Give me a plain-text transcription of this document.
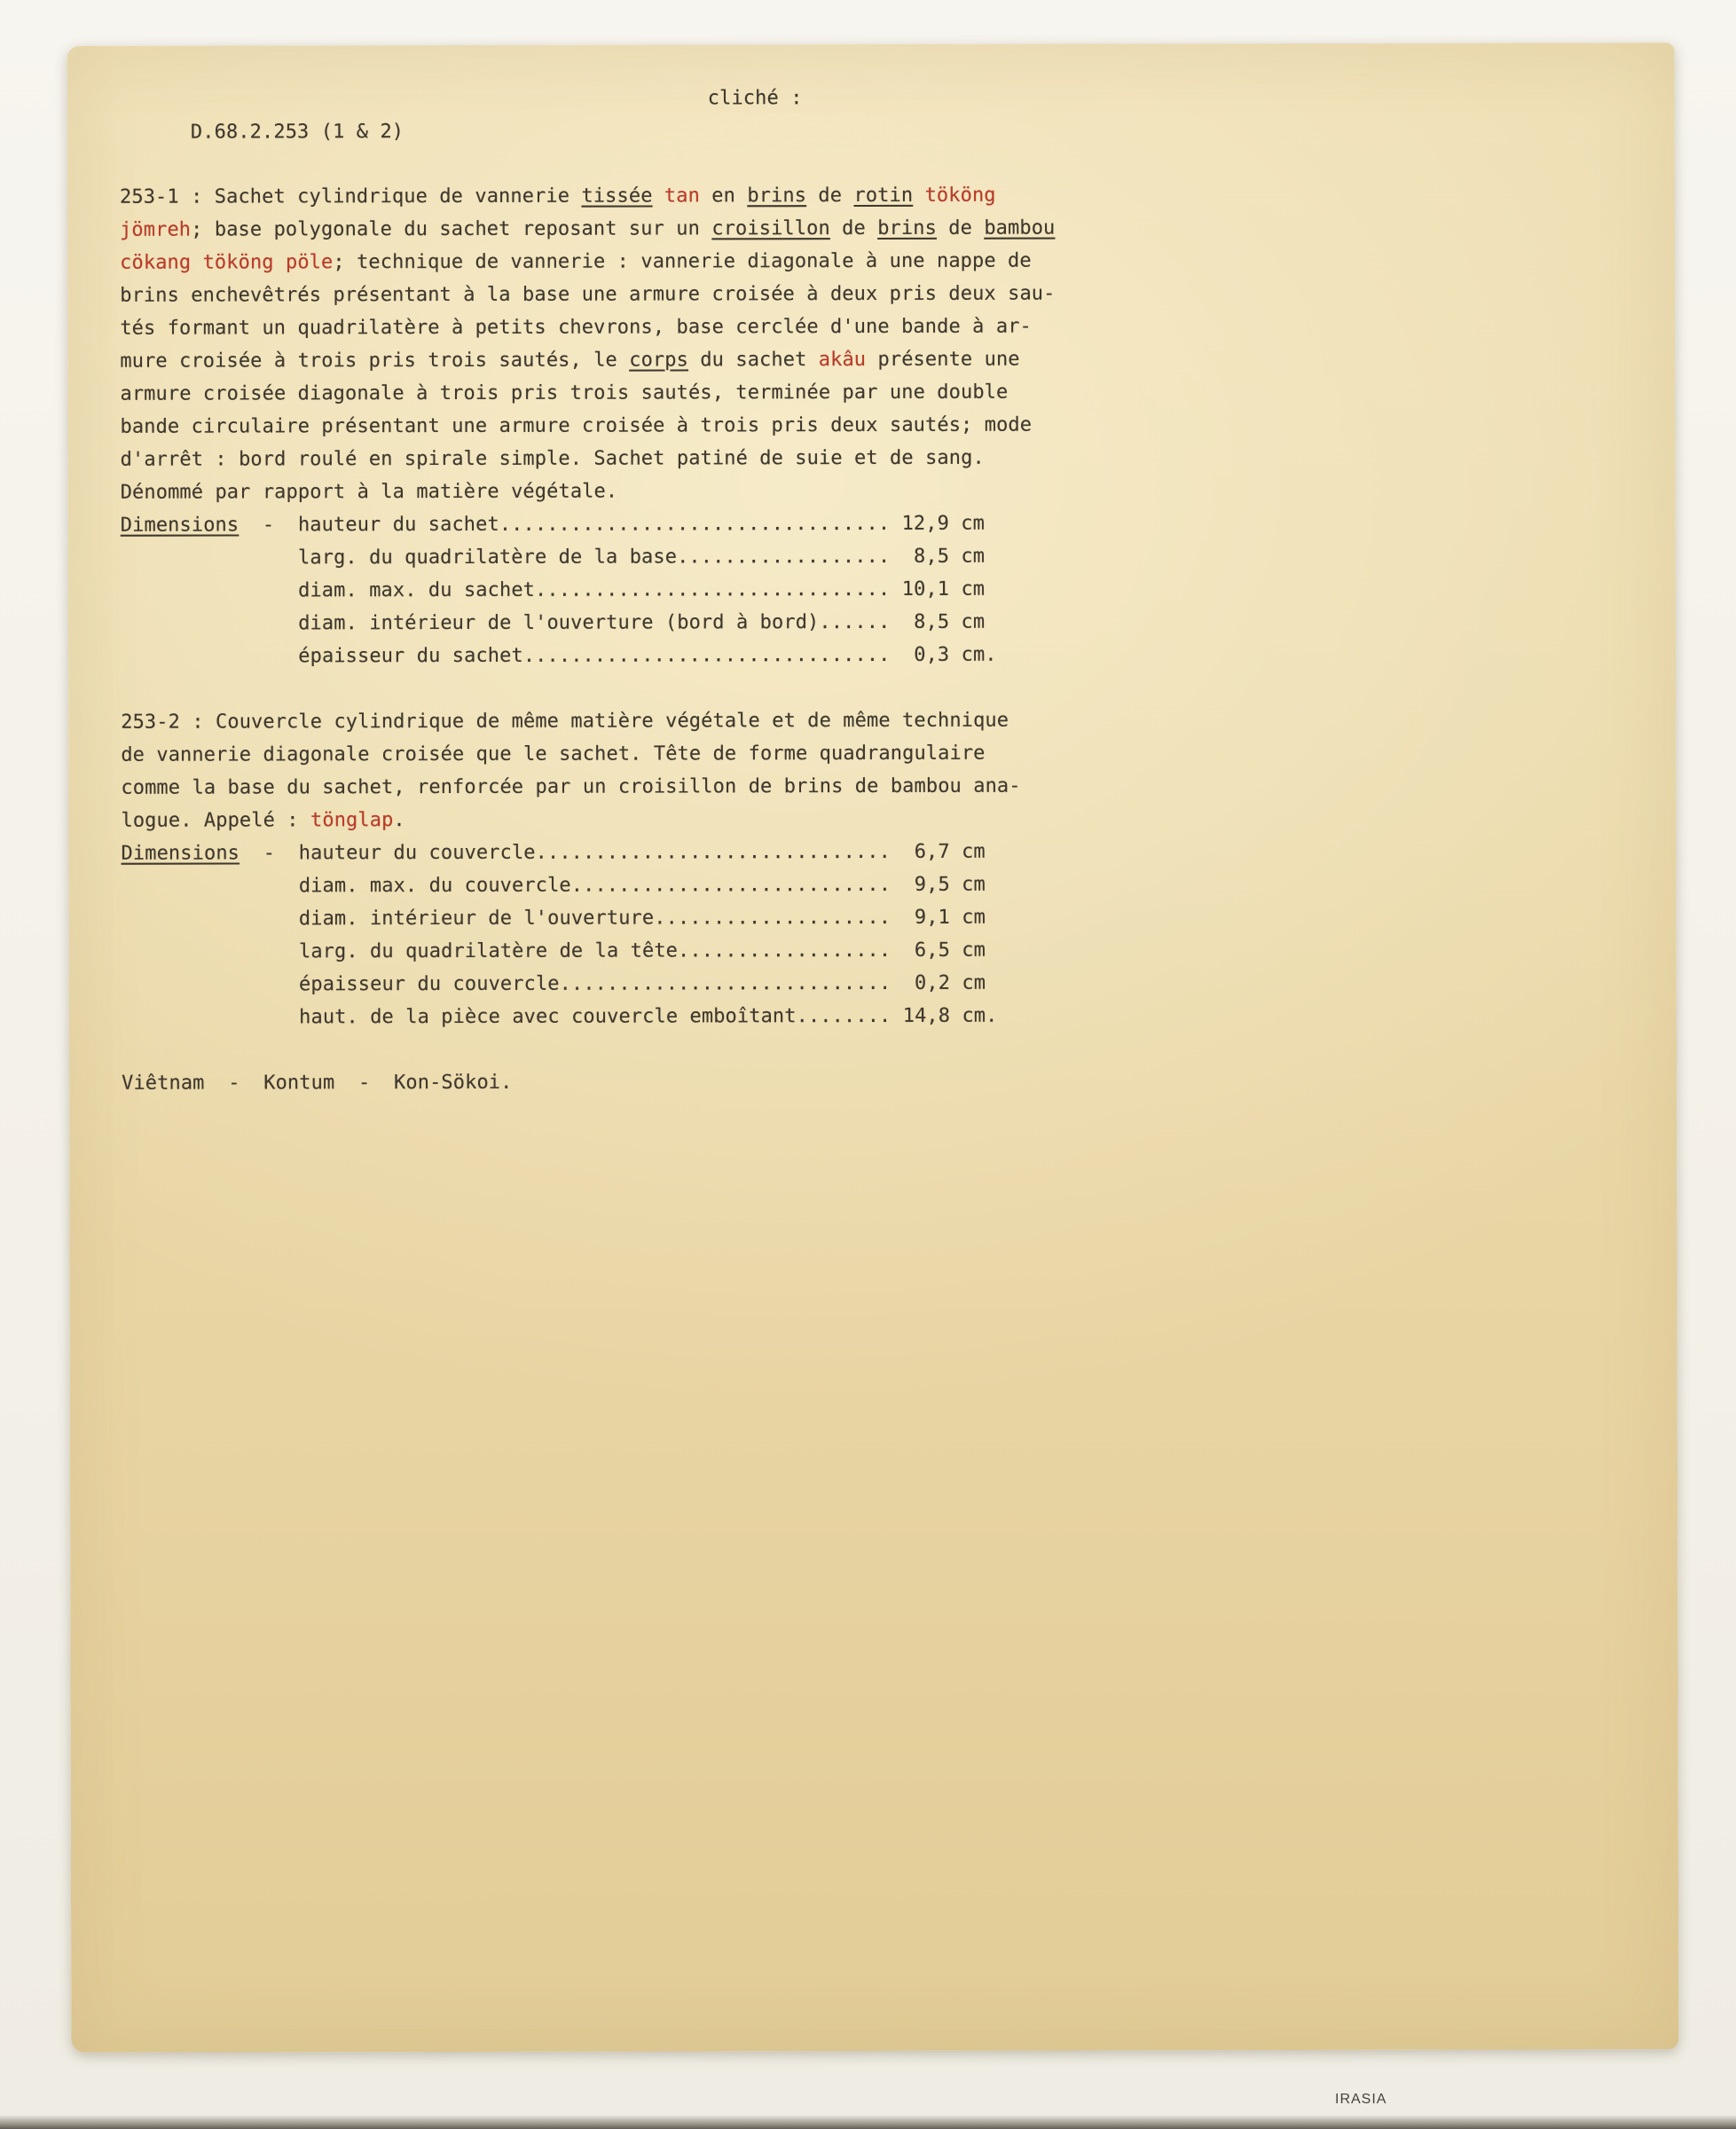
D.68.2.253 (1 & 2)

cliché :

253-1 : Sachet cylindrique de vannerie tissée tan en brins de rotin tököng
jömreh; base polygonale du sachet reposant sur un croisillon de brins de bambou
cökang tököng pöle; technique de vannerie : vannerie diagonale à une nappe de
brins enchevêtrés présentant à la base une armure croisée à deux pris deux sau-
tés formant un quadrilatère à petits chevrons, base cerclée d'une bande à ar-
mure croisée à trois pris trois sautés, le corps du sachet akâu présente une
armure croisée diagonale à trois pris trois sautés, terminée par une double
bande circulaire présentant une armure croisée à trois pris deux sautés; mode
d'arrêt : bord roulé en spirale simple. Sachet patiné de suie et de sang.
Dénommé par rapport à la matière végétale.
Dimensions  -  hauteur du sachet................................. 12,9 cm
larg. du quadrilatère de la base..................  8,5 cm
diam. max. du sachet.............................. 10,1 cm
diam. intérieur de l'ouverture (bord à bord)......  8,5 cm
épaisseur du sachet...............................  0,3 cm.
253-2 : Couvercle cylindrique de même matière végétale et de même technique
de vannerie diagonale croisée que le sachet. Tête de forme quadrangulaire
comme la base du sachet, renforcée par un croisillon de brins de bambou ana-
logue. Appelé : tönglap.
Dimensions  -  hauteur du couvercle..............................  6,7 cm
diam. max. du couvercle...........................  9,5 cm
diam. intérieur de l'ouverture....................  9,1 cm
larg. du quadrilatère de la tête..................  6,5 cm
épaisseur du couvercle............................  0,2 cm
haut. de la pièce avec couvercle emboîtant........ 14,8 cm.
Viêtnam  -  Kontum  -  Kon-Sökoi.
IRASIA
